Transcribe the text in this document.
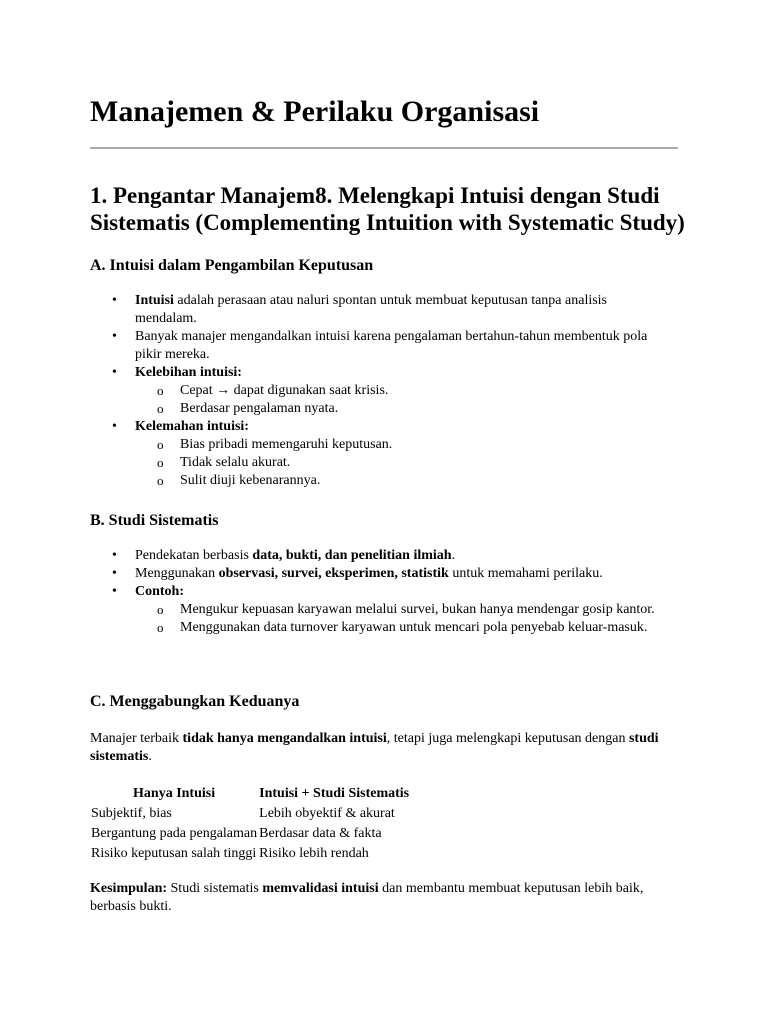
Manajemen & Perilaku Organisasi
1. Pengantar Manajem8. Melengkapi Intuisi dengan Studi Sistematis (Complementing Intuition with Systematic Study)
A. Intuisi dalam Pengambilan Keputusan
• Intuisi adalah perasaan atau naluri spontan untuk membuat keputusan tanpa analisis mendalam.
• Banyak manajer mengandalkan intuisi karena pengalaman bertahun-tahun membentuk pola pikir mereka.
• Kelebihan intuisi:
o Cepat → dapat digunakan saat krisis.
o Berdasar pengalaman nyata.
• Kelemahan intuisi:
o Bias pribadi memengaruhi keputusan.
o Tidak selalu akurat.
o Sulit diuji kebenarannya.
B. Studi Sistematis
• Pendekatan berbasis data, bukti, dan penelitian ilmiah.
• Menggunakan observasi, survei, eksperimen, statistik untuk memahami perilaku.
• Contoh:
o Mengukur kepuasan karyawan melalui survei, bukan hanya mendengar gosip kantor.
o Menggunakan data turnover karyawan untuk mencari pola penyebab keluar-masuk.
C. Menggabungkan Keduanya
Manajer terbaik tidak hanya mengandalkan intuisi, tetapi juga melengkapi keputusan dengan studi sistematis.
Hanya Intuisi	Intuisi + Studi Sistematis
Subjektif, bias	Lebih obyektif & akurat
Bergantung pada pengalaman	Berdasar data & fakta
Risiko keputusan salah tinggi	Risiko lebih rendah
Kesimpulan: Studi sistematis memvalidasi intuisi dan membantu membuat keputusan lebih baik, berbasis bukti.
